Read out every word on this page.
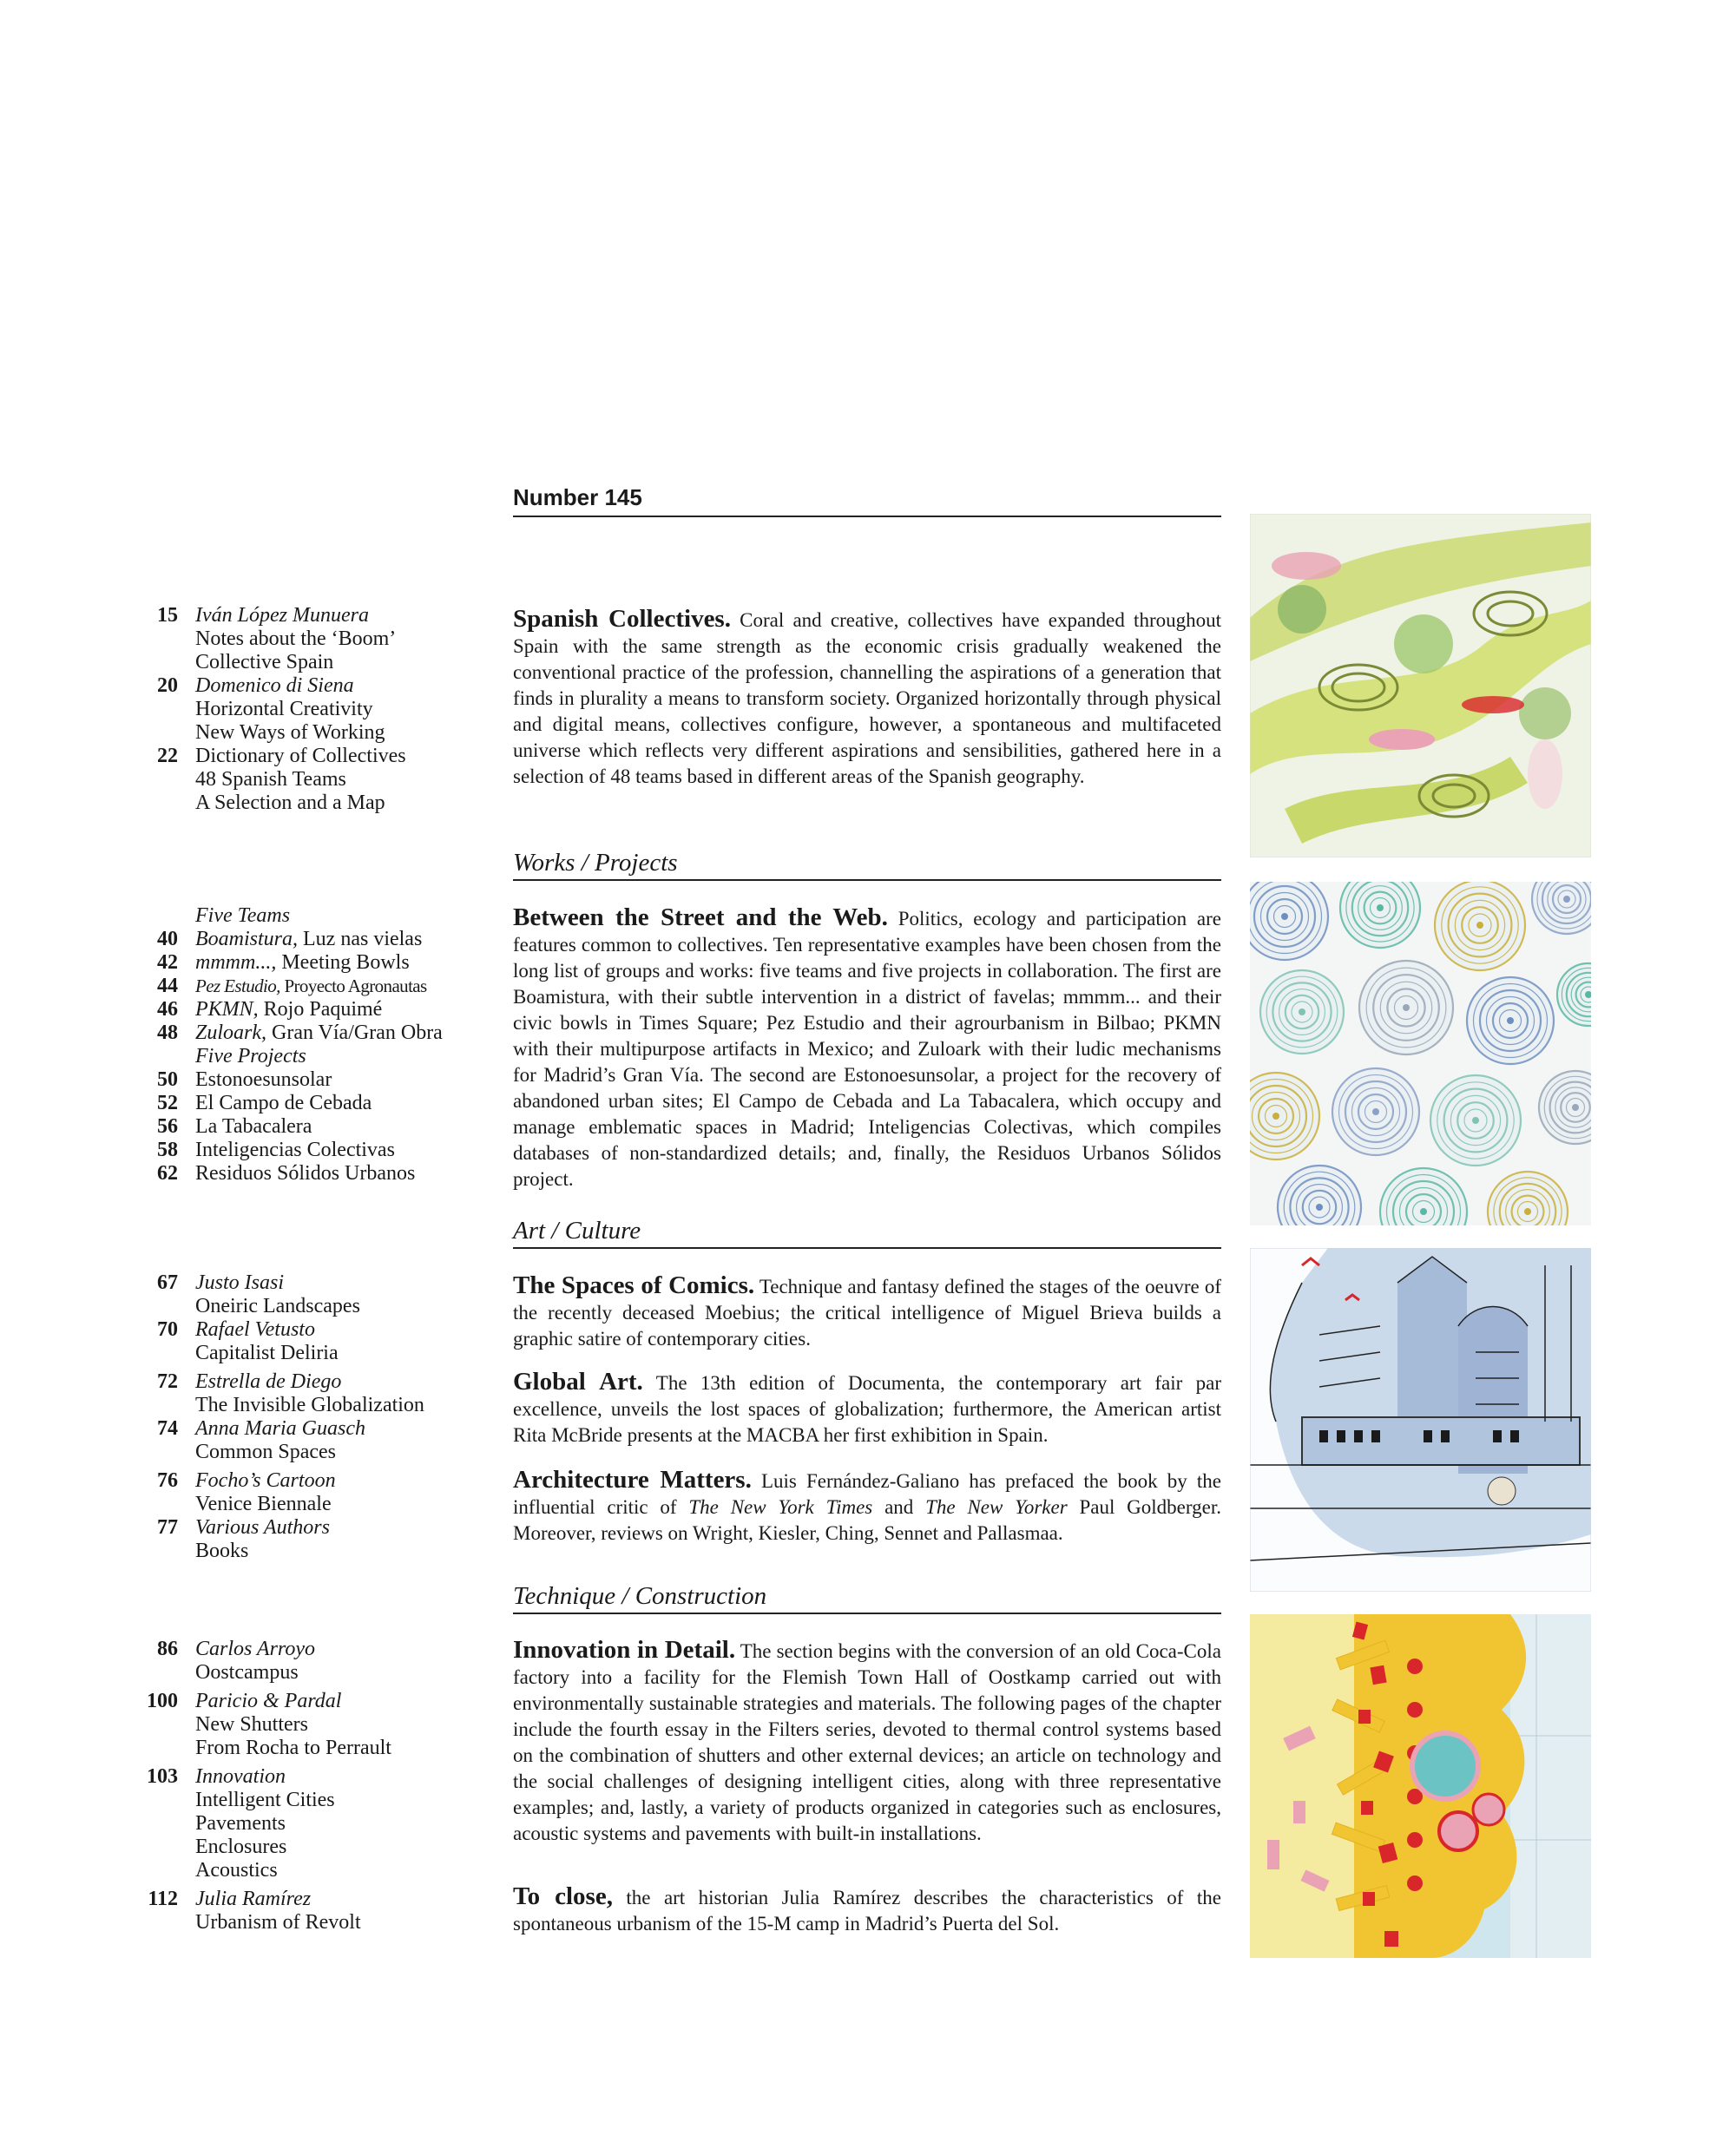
Number 145
15 Iván López Munuera
Notes about the ‘Boom’
Collective Spain
20 Domenico di Siena
Horizontal Creativity
New Ways of Working
22 Dictionary of Collectives
48 Spanish Teams
A Selection and a Map
Five Teams
40 Boamistura, Luz nas vielas
42 mmmm..., Meeting Bowls
44 Pez Estudio, Proyecto Agronautas
46 PKMN, Rojo Paquimé
48 Zuloark, Gran Vía/Gran Obra
Five Projects
50 Estonoesunsolar
52 El Campo de Cebada
56 La Tabacalera
58 Inteligencias Colectivas
62 Residuos Sólidos Urbanos
67 Justo Isasi
Oneiric Landscapes
70 Rafael Vetusto
Capitalist Deliria
72 Estrella de Diego
The Invisible Globalization
74 Anna Maria Guasch
Common Spaces
76 Focho’s Cartoon
Venice Biennale
77 Various Authors
Books
86 Carlos Arroyo
Oostcampus
100 Paricio & Pardal
New Shutters
From Rocha to Perrault
103 Innovation
Intelligent Cities
Pavements
Enclosures
Acoustics
112 Julia Ramírez
Urbanism of Revolt

Spanish Collectives. Coral and creative, collectives have expanded throughout Spain with the same strength as the economic crisis gradually weakened the conventional practice of the profession, channelling the aspirations of a generation that finds in plurality a means to transform society. Organized horizontally through physical and digital means, collectives configure, however, a spontaneous and multifaceted universe which reflects very different aspirations and sensibilities, gathered here in a selection of 48 teams based in different areas of the Spanish geography.

Works / Projects

Between the Street and the Web. Politics, ecology and participation are features common to collectives. Ten representative examples have been chosen from the long list of groups and works: five teams and five projects in collaboration. The first are Boamistura, with their subtle intervention in a district of favelas; mmmm... and their civic bowls in Times Square; Pez Estudio and their agrourbanism in Bilbao; PKMN with their multipurpose artifacts in Mexico; and Zuloark with their ludic mechanisms for Madrid’s Gran Vía. The second are Estonoesunsolar, a project for the recovery of abandoned urban sites; El Campo de Cebada and La Tabacalera, which occupy and manage emblematic spaces in Madrid; Inteligencias Colectivas, which compiles databases of non-standardized details; and, finally, the Residuos Urbanos Sólidos project.

Art / Culture

The Spaces of Comics. Technique and fantasy defined the stages of the oeuvre of the recently deceased Moebius; the critical intelligence of Miguel Brieva builds a graphic satire of contemporary cities.

Global Art. The 13th edition of Documenta, the contemporary art fair par excellence, unveils the lost spaces of globalization; furthermore, the American artist Rita McBride presents at the MACBA her first exhibition in Spain.

Architecture Matters. Luis Fernández-Galiano has prefaced the book by the influential critic of The New York Times and The New Yorker Paul Goldberger. Moreover, reviews on Wright, Kiesler, Ching, Sennet and Pallasmaa.

Technique / Construction

Innovation in Detail. The section begins with the conversion of an old Coca-Cola factory into a facility for the Flemish Town Hall of Oostkamp carried out with environmentally sustainable strategies and materials. The following pages of the chapter include the fourth essay in the Filters series, devoted to thermal control systems based on the combination of shutters and other external devices; an article on technology and the social challenges of designing intelligent cities, along with three representative examples; and, lastly, a variety of products organized in categories such as enclosures, acoustic systems and pavements with built-in installations.

To close, the art historian Julia Ramírez describes the characteristics of the spontaneous urbanism of the 15-M camp in Madrid’s Puerta del Sol.
